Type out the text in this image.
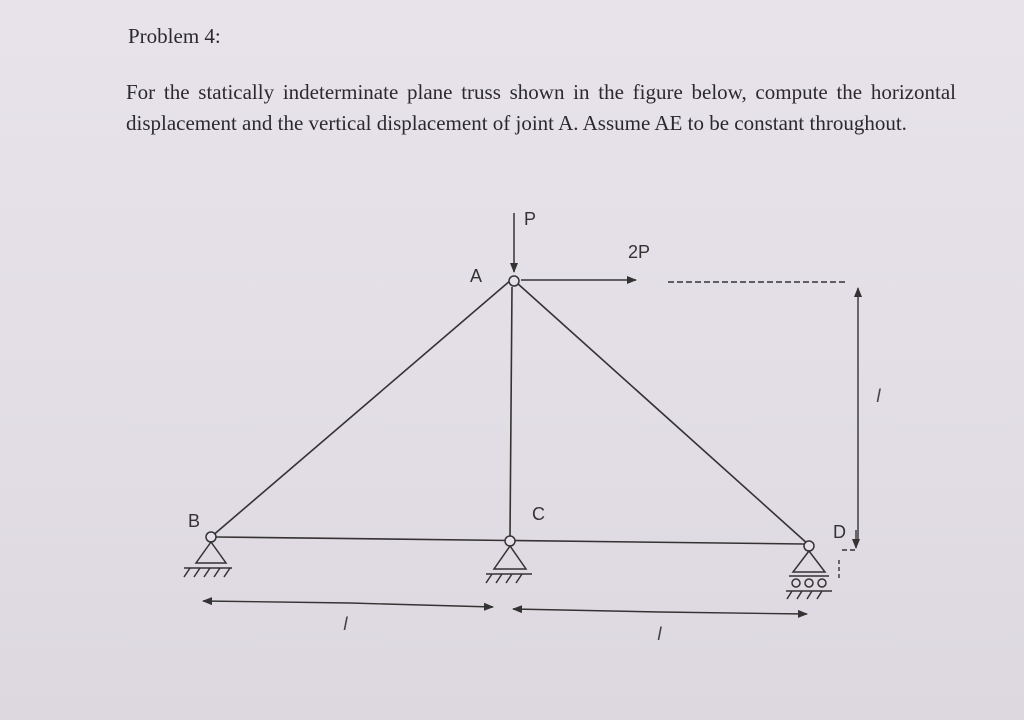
Problem 4:
For the statically indeterminate plane truss shown in the figure below, compute the horizontal displacement and the vertical displacement of joint A. Assume AE to be constant throughout.
P
2P
A
B	C
D
l	l
l
